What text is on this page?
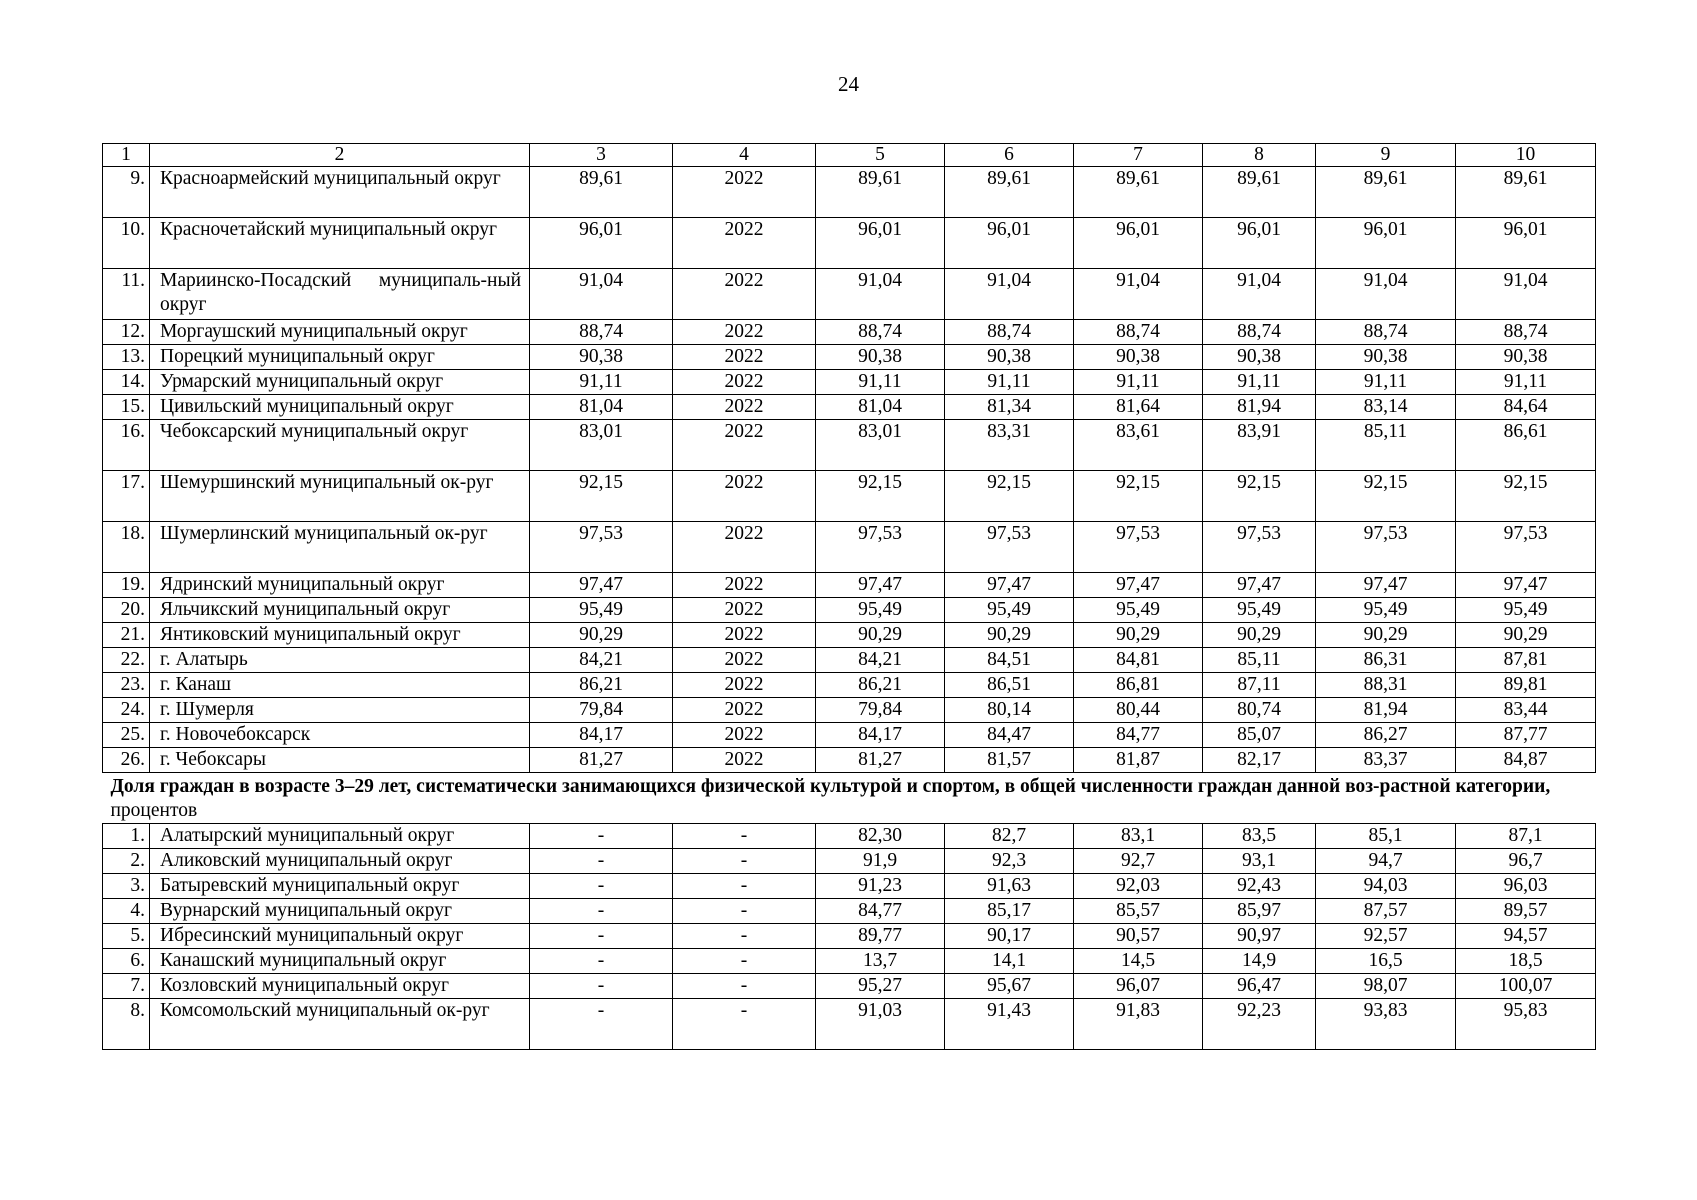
24
1	2	3	4	5	6	7	8	9	10
9.	Красноармейский муниципальный округ	89,61	2022	89,61	89,61	89,61	89,61	89,61	89,61
10.	Красночетайский муниципальный округ	96,01	2022	96,01	96,01	96,01	96,01	96,01	96,01
11.	Мариинско-Посадский муниципаль-ный округ	91,04	2022	91,04	91,04	91,04	91,04	91,04	91,04
12.	Моргаушский муниципальный округ	88,74	2022	88,74	88,74	88,74	88,74	88,74	88,74
13.	Порецкий муниципальный округ	90,38	2022	90,38	90,38	90,38	90,38	90,38	90,38
14.	Урмарский муниципальный округ	91,11	2022	91,11	91,11	91,11	91,11	91,11	91,11
15.	Цивильский муниципальный округ	81,04	2022	81,04	81,34	81,64	81,94	83,14	84,64
16.	Чебоксарский муниципальный округ	83,01	2022	83,01	83,31	83,61	83,91	85,11	86,61
17.	Шемуршинский муниципальный ок-руг	92,15	2022	92,15	92,15	92,15	92,15	92,15	92,15
18.	Шумерлинский муниципальный ок-руг	97,53	2022	97,53	97,53	97,53	97,53	97,53	97,53
19.	Ядринский муниципальный округ	97,47	2022	97,47	97,47	97,47	97,47	97,47	97,47
20.	Яльчикский муниципальный округ	95,49	2022	95,49	95,49	95,49	95,49	95,49	95,49
21.	Янтиковский муниципальный округ	90,29	2022	90,29	90,29	90,29	90,29	90,29	90,29
22.	г. Алатырь	84,21	2022	84,21	84,51	84,81	85,11	86,31	87,81
23.	г. Канаш	86,21	2022	86,21	86,51	86,81	87,11	88,31	89,81
24.	г. Шумерля	79,84	2022	79,84	80,14	80,44	80,74	81,94	83,44
25.	г. Новочебоксарск	84,17	2022	84,17	84,47	84,77	85,07	86,27	87,77
26.	г. Чебоксары	81,27	2022	81,27	81,57	81,87	82,17	83,37	84,87
Доля граждан в возрасте 3–29 лет, систематически занимающихся физической культурой и спортом, в общей численности граждан данной воз-растной категории, процентов									
1.	Алатырский муниципальный округ	-	-	82,30	82,7	83,1	83,5	85,1	87,1
2.	Аликовский муниципальный округ	-	-	91,9	92,3	92,7	93,1	94,7	96,7
3.	Батыревский муниципальный округ	-	-	91,23	91,63	92,03	92,43	94,03	96,03
4.	Вурнарский муниципальный округ	-	-	84,77	85,17	85,57	85,97	87,57	89,57
5.	Ибресинский муниципальный округ	-	-	89,77	90,17	90,57	90,97	92,57	94,57
6.	Канашский муниципальный округ	-	-	13,7	14,1	14,5	14,9	16,5	18,5
7.	Козловский муниципальный округ	-	-	95,27	95,67	96,07	96,47	98,07	100,07
8.	Комсомольский муниципальный ок-руг	-	-	91,03	91,43	91,83	92,23	93,83	95,83
